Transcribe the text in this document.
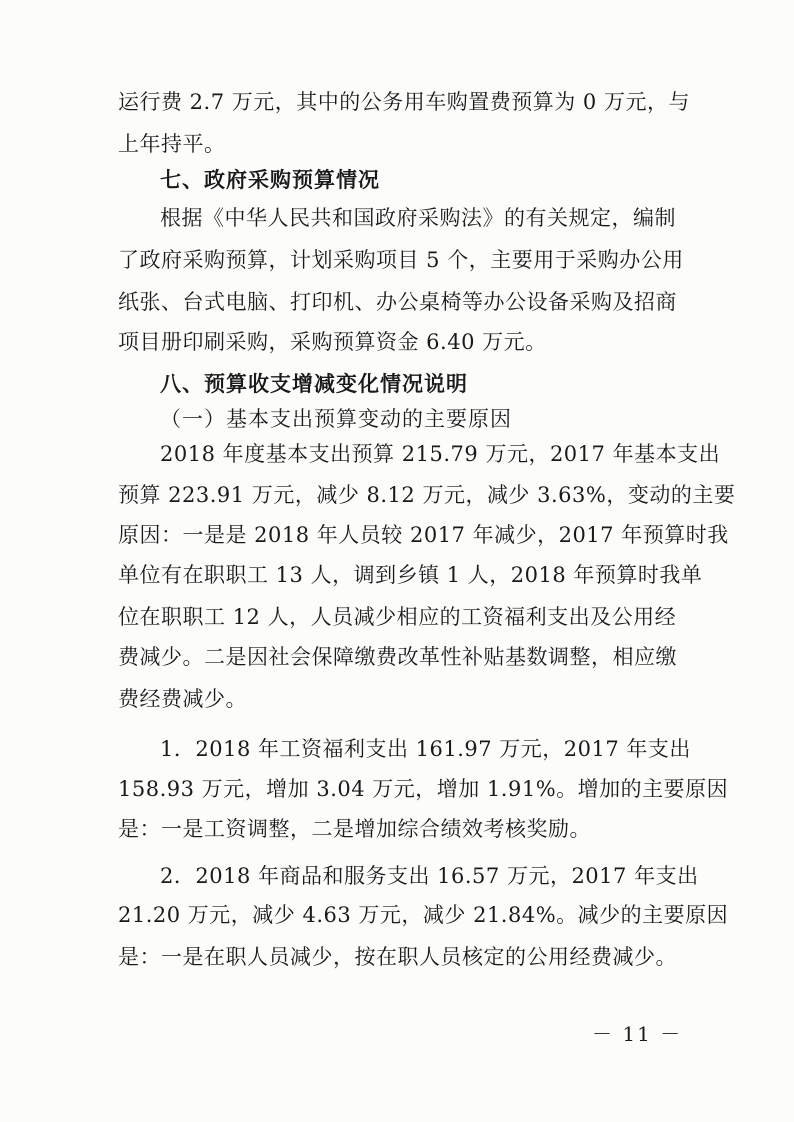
运行费 2.7 万元，其中的公务用车购置费预算为 0 万元，与
上年持平。
七、政府采购预算情况
根据《中华人民共和国政府采购法》的有关规定，编制
了政府采购预算，计划采购项目 5 个，主要用于采购办公用
纸张、台式电脑、打印机、办公桌椅等办公设备采购及招商
项目册印刷采购，采购预算资金 6.40 万元。
八、预算收支增减变化情况说明
（一）基本支出预算变动的主要原因
2018 年度基本支出预算 215.79 万元，2017 年基本支出
预算 223.91 万元，减少 8.12 万元，减少 3.63%，变动的主要
原因：一是是 2018 年人员较 2017 年减少，2017 年预算时我
单位有在职职工 13 人，调到乡镇 1 人，2018 年预算时我单
位在职职工 12 人，人员减少相应的工资福利支出及公用经
费减少。二是因社会保障缴费改革性补贴基数调整，相应缴
费经费减少。
1．2018 年工资福利支出 161.97 万元，2017 年支出
158.93 万元，增加 3.04 万元，增加 1.91%。增加的主要原因
是：一是工资调整，二是增加综合绩效考核奖励。
2．2018 年商品和服务支出 16.57 万元，2017 年支出
21.20 万元，减少 4.63 万元，减少 21.84%。减少的主要原因
是：一是在职人员减少，按在职人员核定的公用经费减少。
－ 11 －
